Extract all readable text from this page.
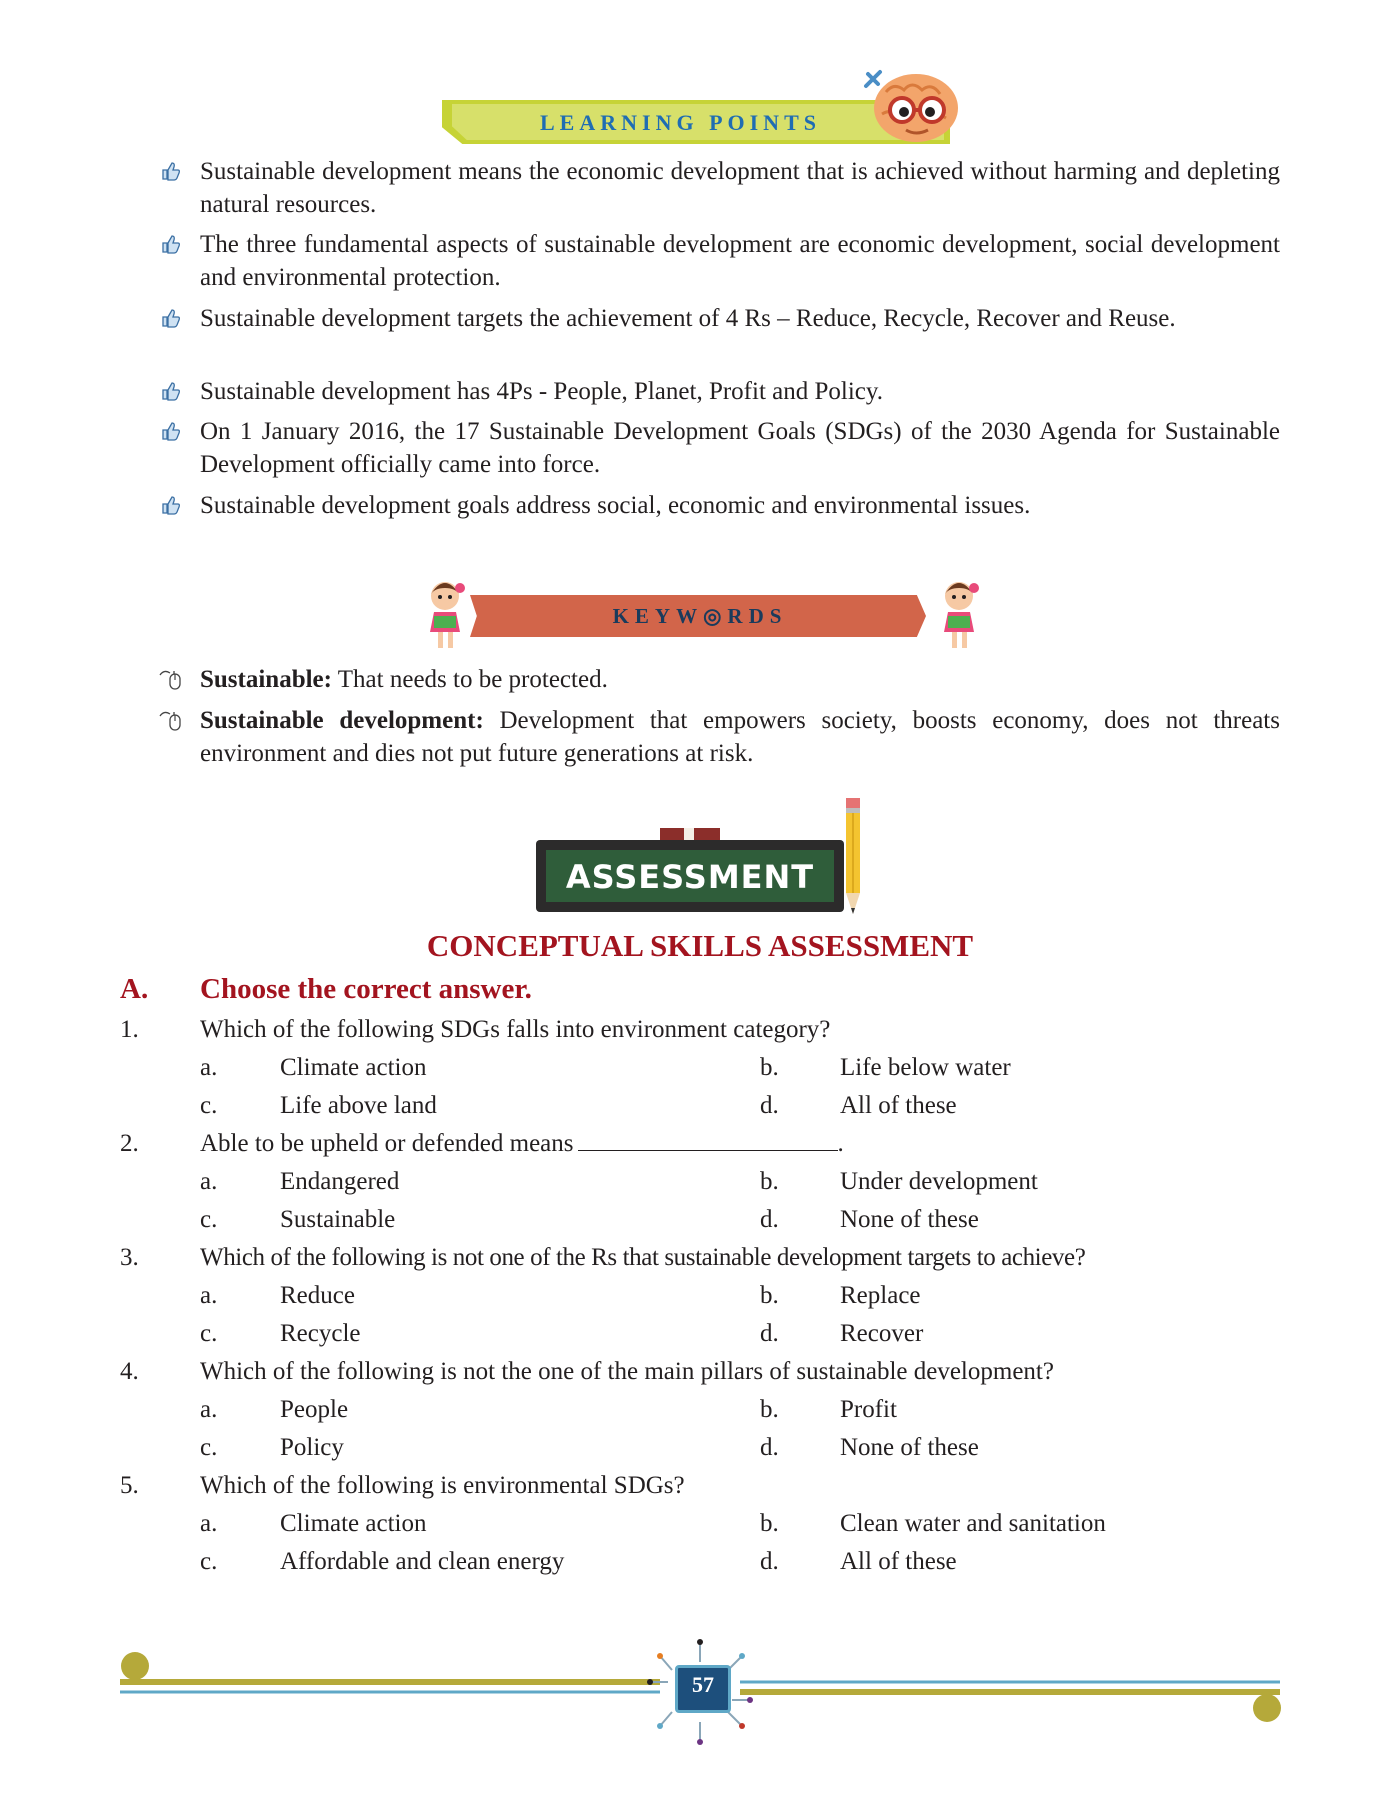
LEARNING POINTS
Sustainable development means the economic development that is achieved without harming and depleting natural resources.
The three fundamental aspects of sustainable development are economic development, social development and environmental protection.
Sustainable development targets the achievement of 4 Rs – Reduce, Recycle, Recover and Reuse.
Sustainable development has 4Ps - People, Planet, Profit and Policy.
On 1 January 2016, the 17 Sustainable Development Goals (SDGs) of the 2030 Agenda for Sustainable Development officially came into force.
Sustainable development goals address social, economic and environmental issues.
KEYW◎RDS
Sustainable: That needs to be protected.
Sustainable development: Development that empowers society, boosts economy, does not threats environment and dies not put future generations at risk.
ASSESSMENT
CONCEPTUAL SKILLS ASSESSMENT
A. Choose the correct answer.
1. Which of the following SDGs falls into environment category?
a.	Climate action	b. Life below water
c.	Life above land	d. All of these
2. Able to be upheld or defended means	.
a.	Endangered	b. Under development
c.	Sustainable	d. None of these
3. Which of the following is not one of the Rs that sustainable development targets to achieve?
a.	Reduce	b. Replace
c.	Recycle	d. Recover
4. Which of the following is not the one of the main pillars of sustainable development?
a.	People	b. Profit
c.	Policy	d. None of these
5. Which of the following is environmental SDGs?
a.	Climate action	b. Clean water and sanitation
c.	Affordable and clean energy	d. All of these
57
